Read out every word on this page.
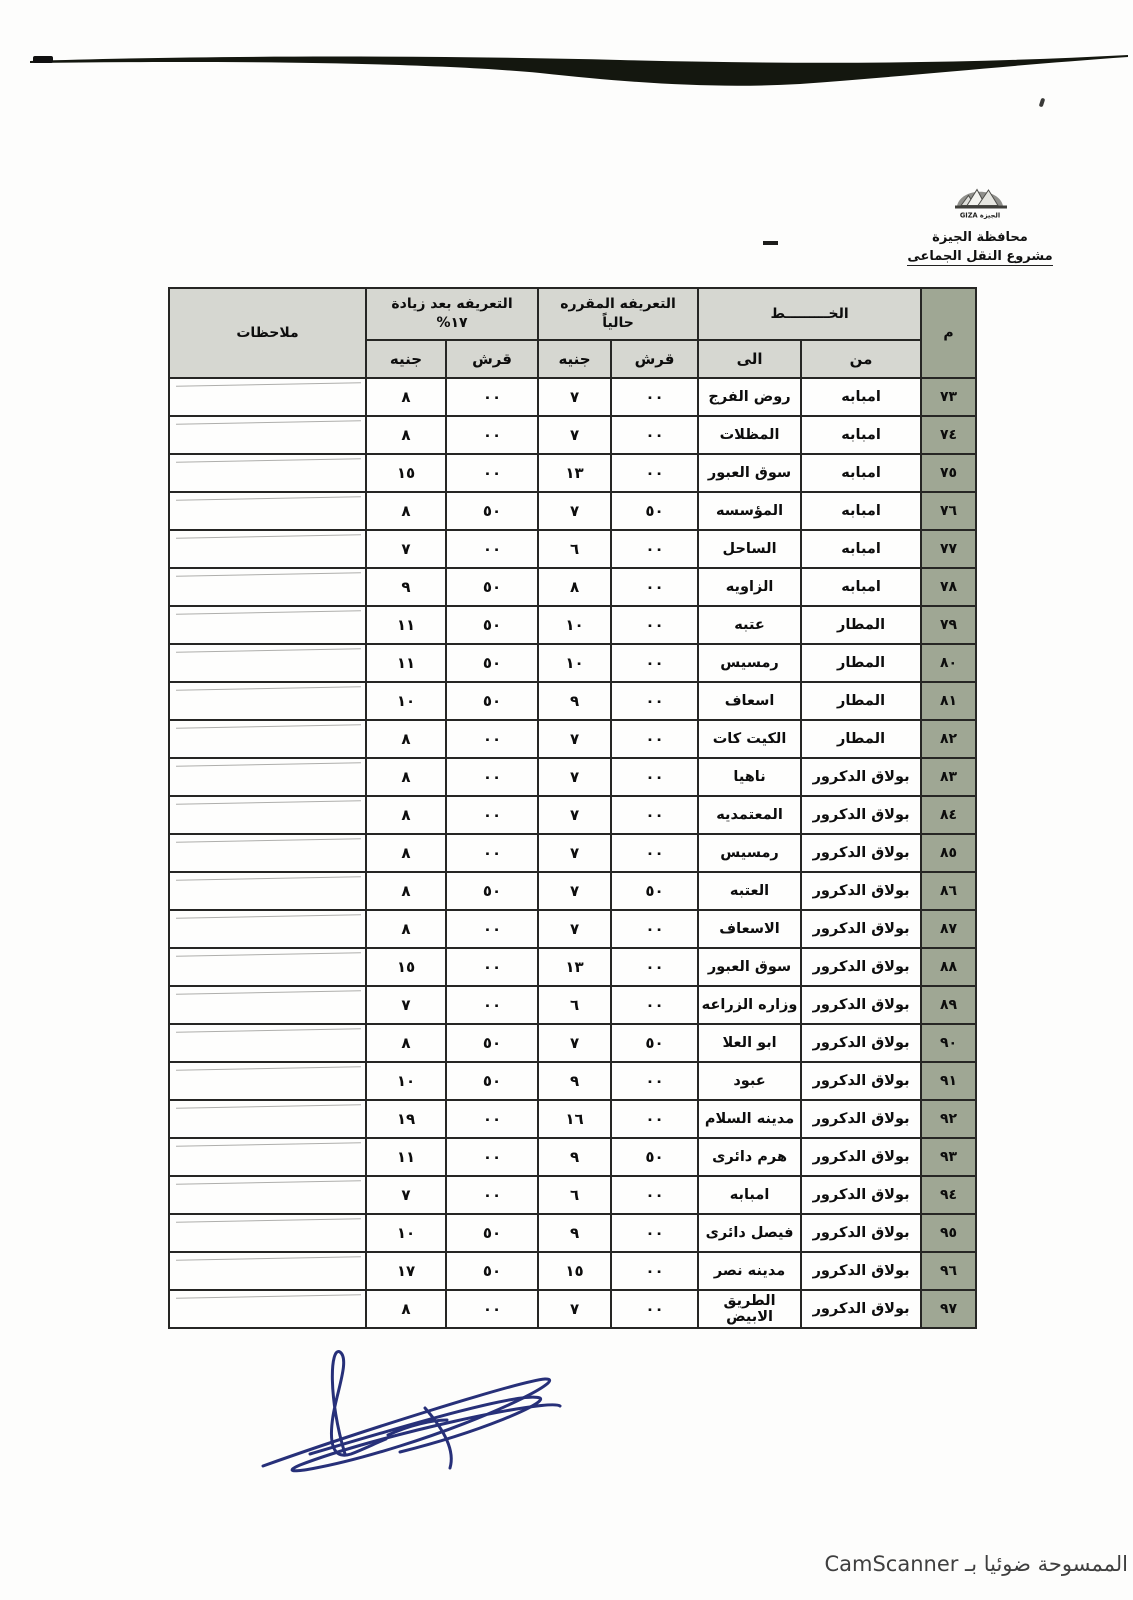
الجيزة GIZA
محافظة الجيزة
مشروع النقل الجماعى
م	الخـــــــــط	
التعريفه المقرره
حالياً

التعريفه بعد زيادة
١٧%
	ملاحظات
	من	الى	قرش	جنيه	قرش	جنيه	
٧٣	امبابه	روض الفرج	٠٠	٧	٠٠	٨	

٧٤	امبابه	المظلات	٠٠	٧	٠٠	٨	

٧٥	امبابه	سوق العبور	٠٠	١٣	٠٠	١٥	

٧٦	امبابه	المؤسسه	٥٠	٧	٥٠	٨	

٧٧	امبابه	الساحل	٠٠	٦	٠٠	٧	

٧٨	امبابه	الزاويه	٠٠	٨	٥٠	٩	

٧٩	المطار	عتبه	٠٠	١٠	٥٠	١١	

٨٠	المطار	رمسيس	٠٠	١٠	٥٠	١١	

٨١	المطار	اسعاف	٠٠	٩	٥٠	١٠	

٨٢	المطار	الكيت كات	٠٠	٧	٠٠	٨	

٨٣	بولاق الدكرور	ناهيا	٠٠	٧	٠٠	٨	

٨٤	بولاق الدكرور	المعتمديه	٠٠	٧	٠٠	٨	

٨٥	بولاق الدكرور	رمسيس	٠٠	٧	٠٠	٨	

٨٦	بولاق الدكرور	العتبه	٥٠	٧	٥٠	٨	

٨٧	بولاق الدكرور	الاسعاف	٠٠	٧	٠٠	٨	

٨٨	بولاق الدكرور	سوق العبور	٠٠	١٣	٠٠	١٥	

٨٩	بولاق الدكرور	وزاره الزراعه	٠٠	٦	٠٠	٧	

٩٠	بولاق الدكرور	ابو العلا	٥٠	٧	٥٠	٨	

٩١	بولاق الدكرور	عبود	٠٠	٩	٥٠	١٠	

٩٢	بولاق الدكرور	مدينه السلام	٠٠	١٦	٠٠	١٩	

٩٣	بولاق الدكرور	هرم دائرى	٥٠	٩	٠٠	١١	

٩٤	بولاق الدكرور	امبابه	٠٠	٦	٠٠	٧	

٩٥	بولاق الدكرور	فيصل دائرى	٠٠	٩	٥٠	١٠	

٩٦	بولاق الدكرور	مدينه نصر	٠٠	١٥	٥٠	١٧	

٩٧	بولاق الدكرور	الطريق الابيض	٠٠	٧	٠٠	٨	
الممسوحة ضوئيا بـ CamScanner
